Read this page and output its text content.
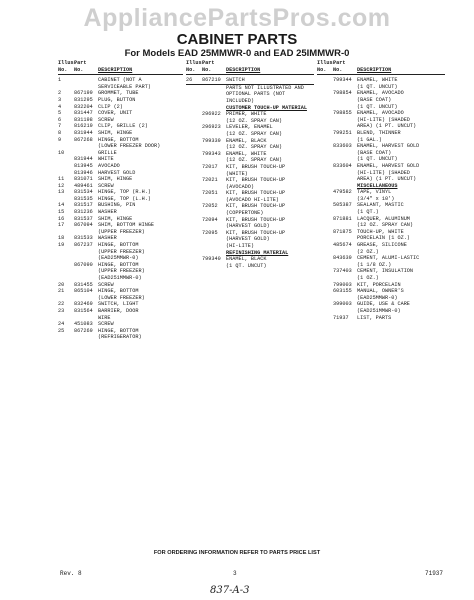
AppliancePartsPros.com
CABINET PARTS
For Models EAD 25MMWR-0 and EAD 25IMMWR-0
Illus.
No.
Part
No.	
DESCRIPTION
1	CABINET (NOT A
SERVICEABLE PART)
2	867199	GROMMET, TUBE
3	831295	PLUG, BUTTON
4	832204	CLIP (2)
5	831447	COVER, UNIT
6	831198	SCREW
7	816219	CLIP, GRILLE (2)
8	831944	SHIM, HINGE
9	867268	HINGE, BOTTOM
(LOWER FREEZER DOOR)
10	GRILLE
831944	WHITE
813945	AVOCADO
813946	HARVEST GOLD
11	831071	SHIM, HINGE
12	489461	SCREW
13	831534	HINGE, TOP (R.H.)
831535	HINGE, TOP (L.H.)
14	831517	BUSHING, PIN
15	831236	WASHER
16	831537	SHIM, HINGE
17	867094	SHIM, BOTTOM HINGE
(UPPER FREEZER)
18	831533	WASHER
19	867237	HINGE, BOTTOM
(UPPER FREEZER)
(EAD25MMWR-0)
867090	HINGE, BOTTOM
(UPPER FREEZER)
(EAD251MMWR-0)
20	831455	SCREW
21	865104	HINGE, BOTTOM
(LOWER FREEZER)
22	832469	SWITCH, LIGHT
23	831564	BARRIER, DOOR
WIRE
24	451083	SCREW
25	867269	HINGE, BOTTOM
(REFRIGERATOR)
Illus.
No.
Part
No.	
DESCRIPTION
26	867210	SWITCH
PARTS NOT ILLUSTRATED AND
OPTIONAL PARTS (NOT INCLUDED)
CUSTOMER TOUCH-UP MATERIAL
296922	PRIMER, WHITE
(12 OZ. SPRAY CAN)
296923	LEVELER, ENAMEL
(12 OZ. SPRAY CAN)
799339	ENAMEL, BLACK
(12 OZ. SPRAY CAN)
799343	ENAMEL, WHITE
(12 OZ. SPRAY CAN)
72017	KIT, BRUSH TOUCH-UP
(WHITE)
72021	KIT, BRUSH TOUCH-UP
(AVOCADO)
72051	KIT, BRUSH TOUCH-UP
(AVOCADO HI-LITE)
72052	KIT, BRUSH TOUCH-UP
(COPPERTONE)
72094	KIT, BRUSH TOUCH-UP
(HARVEST GOLD)
72095	KIT, BRUSH TOUCH-UP
(HARVEST GOLD)
(HI-LITE)
REFINISHING MATERIAL
799340	ENAMEL, BLACK
(1 QT. UNCUT)
Illus.
No.
Part
No.	
DESCRIPTION
799344	ENAMEL, WHITE
(1 QT. UNCUT)
798854	ENAMEL, AVOCADO
(BASE COAT)
(1 QT. UNCUT)
798855	ENAMEL, AVOCADO
(HI-LITE) (SHADED
AREA) (1 PT. UNCUT)
799251	BLEND, THINNER
(1 GAL.)
833603	ENAMEL, HARVEST GOLD
(BASE COAT)
(1 QT. UNCUT)
833604	ENAMEL, HARVEST GOLD
(HI-LITE) (SHADED
AREA) (1 PT. UNCUT)
MISCELLANEOUS
479582	TAPE, VINYL
(3/4" x 10')
505387	SEALANT, MASTIC
(1 QT.)
871881	LACQUER, ALUMINUM
(12 OZ. SPRAY CAN)
871875	TOUCH-UP, WHITE
PORCELAIN (1 OZ.)
485674	GREASE, SILICONE
(2 OZ.)
843639	CEMENT, ALUMI-LASTIC
(1 1/8 OZ.)
737403	CEMENT, INSULATION
(1 OZ.)
799003	KIT, PORCELAIN
603155	MANUAL, OWNER'S
(EAD25MMWR-0)
399003	GUIDE, USE & CARE
(EAD251MMWR-0)
71937	LIST, PARTS
FOR ORDERING INFORMATION REFER TO PARTS PRICE LIST
Rev. 8	3	71937
837-A-3
